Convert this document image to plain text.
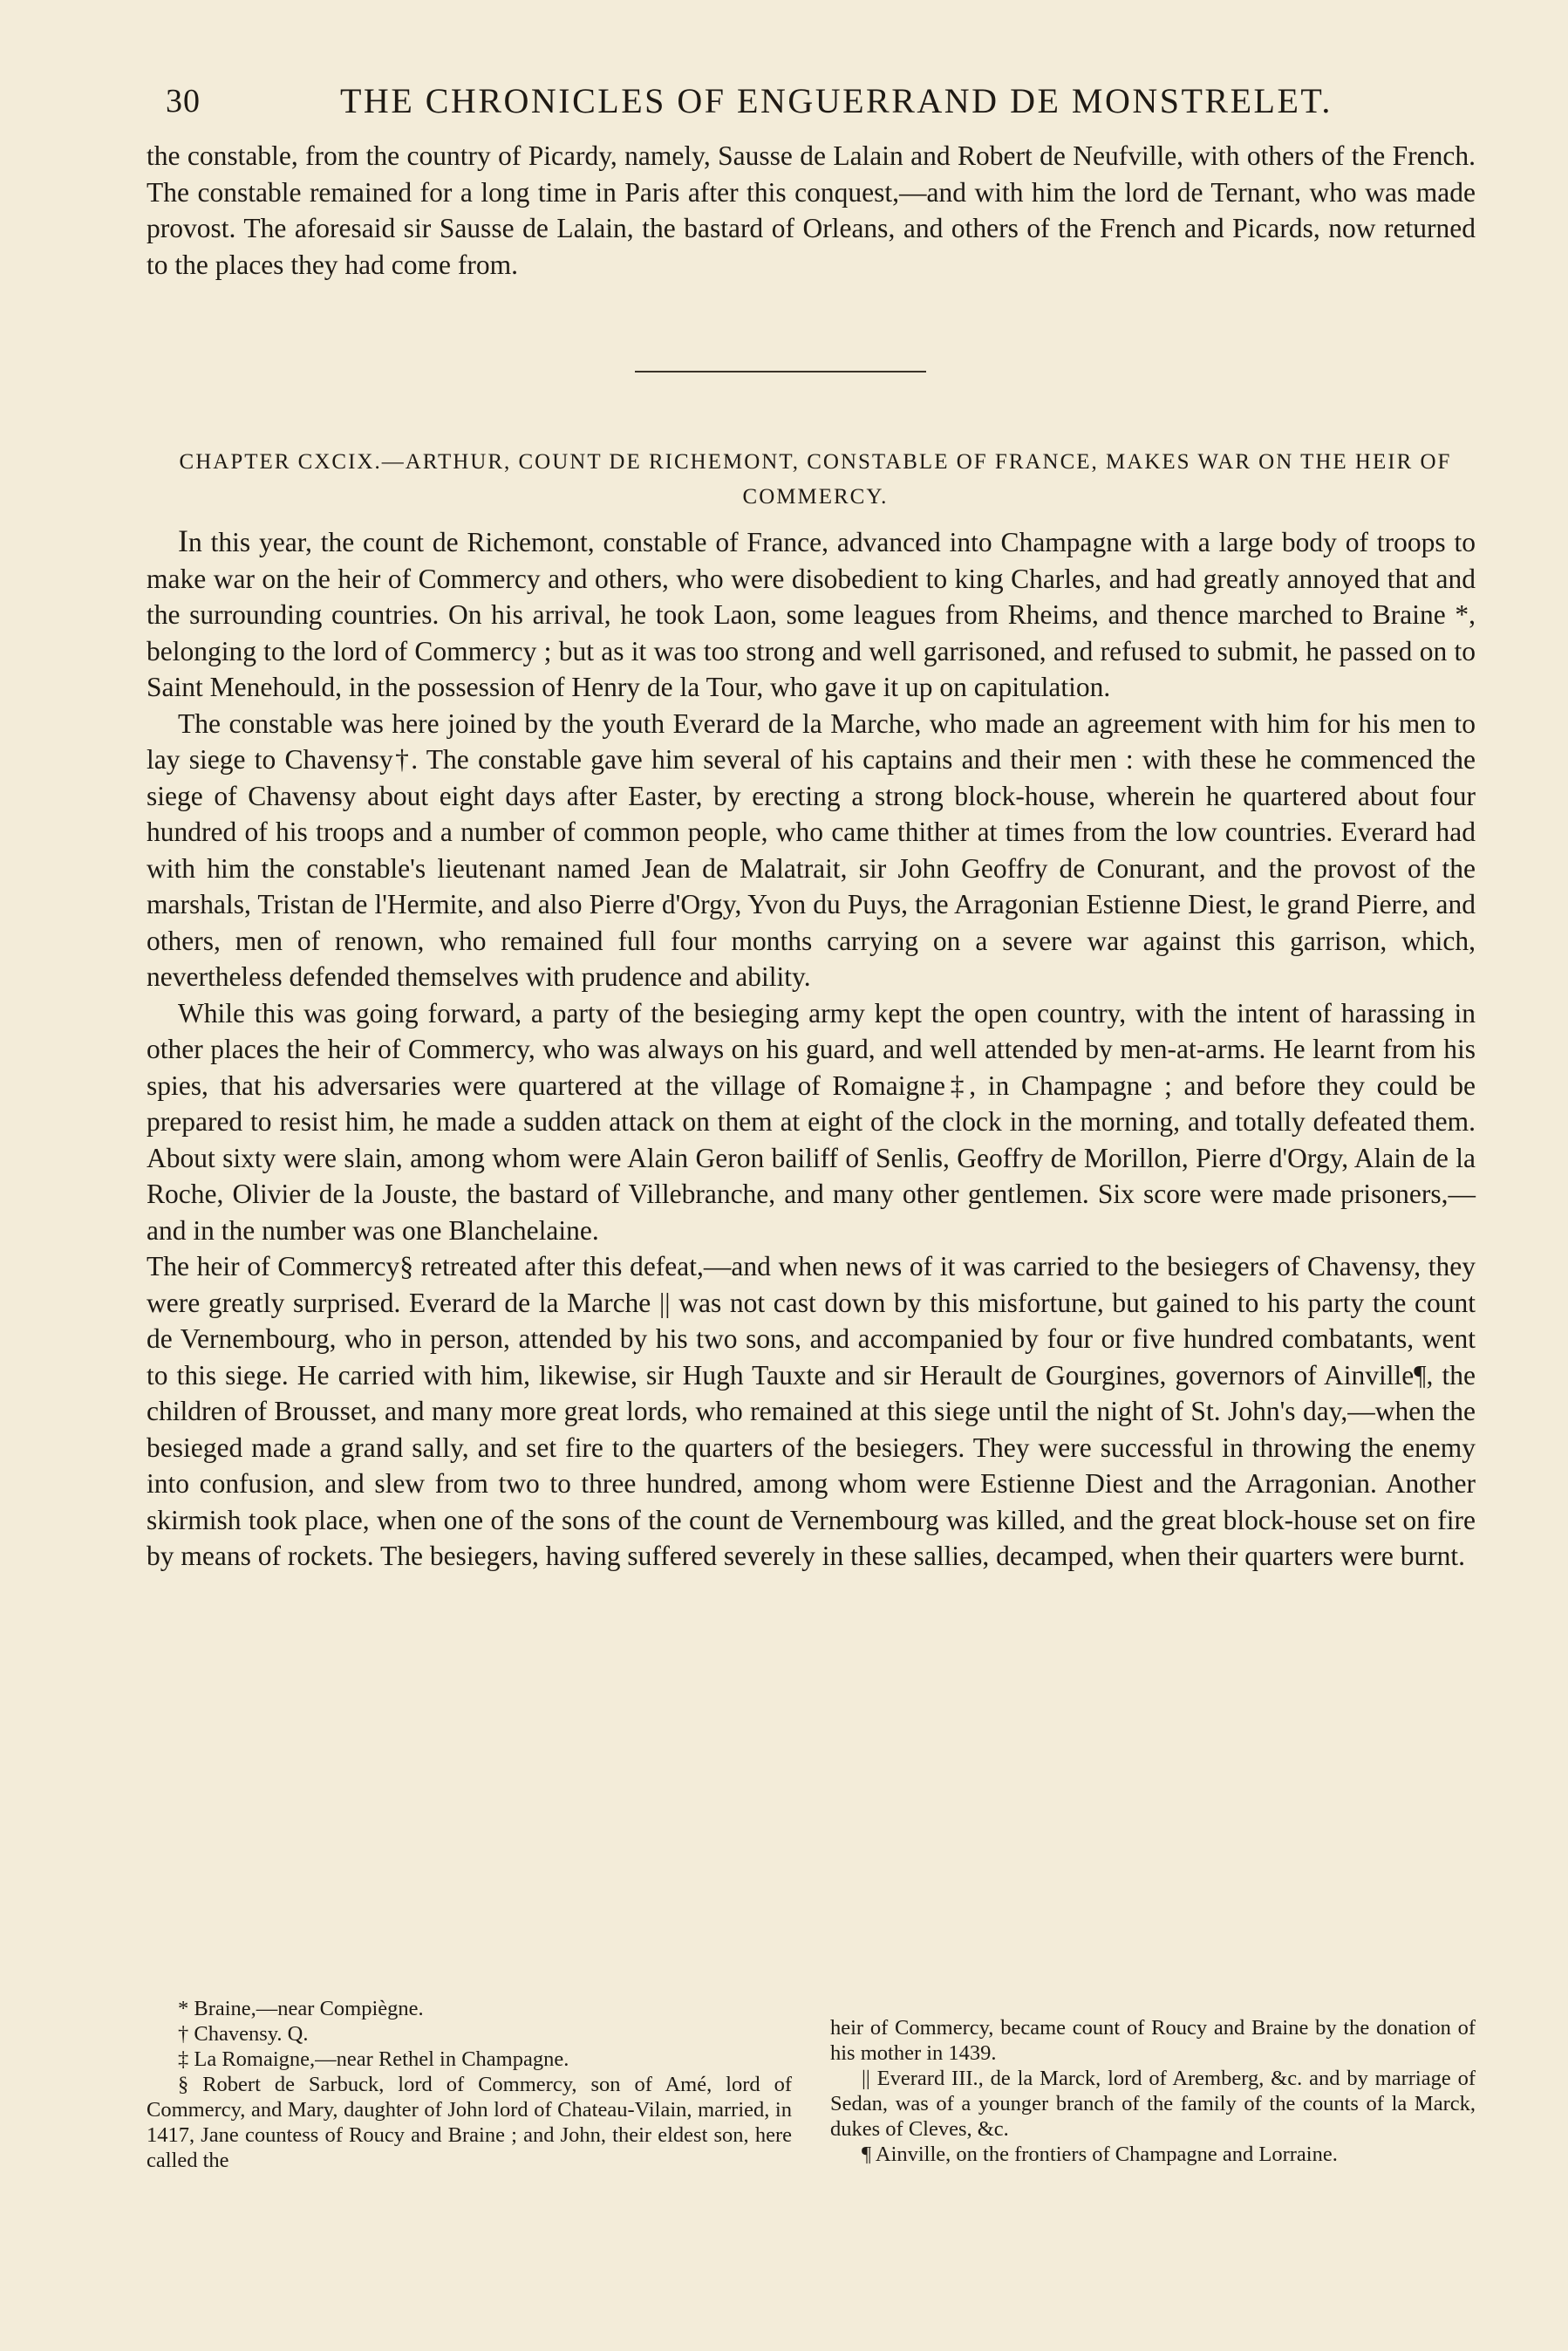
30	THE CHRONICLES OF ENGUERRAND DE MONSTRELET.

the constable, from the country of Picardy, namely, Sausse de Lalain and Robert de Neufville, with others of the French. The constable remained for a long time in Paris after this conquest,—and with him the lord de Ternant, who was made provost. The aforesaid sir Sausse de Lalain, the bastard of Orleans, and others of the French and Picards, now returned to the places they had come from.

CHAPTER CXCIX.—ARTHUR, COUNT DE RICHEMONT, CONSTABLE OF FRANCE, MAKES WAR ON THE HEIR OF COMMERCY.

In this year, the count de Richemont, constable of France, advanced into Champagne with a large body of troops to make war on the heir of Commercy and others, who were disobedient to king Charles, and had greatly annoyed that and the surrounding countries. On his arrival, he took Laon, some leagues from Rheims, and thence marched to Braine *, belonging to the lord of Commercy ; but as it was too strong and well garrisoned, and refused to submit, he passed on to Saint Menehould, in the possession of Henry de la Tour, who gave it up on capitulation.

The constable was here joined by the youth Everard de la Marche, who made an agreement with him for his men to lay siege to Chavensy†. The constable gave him several of his captains and their men : with these he commenced the siege of Chavensy about eight days after Easter, by erecting a strong block-house, wherein he quartered about four hundred of his troops and a number of common people, who came thither at times from the low countries. Everard had with him the constable's lieutenant named Jean de Malatrait, sir John Geoffry de Conurant, and the provost of the marshals, Tristan de l'Hermite, and also Pierre d'Orgy, Yvon du Puys, the Arragonian Estienne Diest, le grand Pierre, and others, men of renown, who remained full four months carrying on a severe war against this garrison, which, nevertheless defended themselves with prudence and ability.

While this was going forward, a party of the besieging army kept the open country, with the intent of harassing in other places the heir of Commercy, who was always on his guard, and well attended by men-at-arms. He learnt from his spies, that his adversaries were quartered at the village of Romaigne‡, in Champagne ; and before they could be prepared to resist him, he made a sudden attack on them at eight of the clock in the morning, and totally defeated them. About sixty were slain, among whom were Alain Geron bailiff of Senlis, Geoffry de Morillon, Pierre d'Orgy, Alain de la Roche, Olivier de la Jouste, the bastard of Villebranche, and many other gentlemen. Six score were made prisoners,—and in the number was one Blanchelaine.

The heir of Commercy§ retreated after this defeat,—and when news of it was carried to the besiegers of Chavensy, they were greatly surprised. Everard de la Marche || was not cast down by this misfortune, but gained to his party the count de Vernembourg, who in person, attended by his two sons, and accompanied by four or five hundred combatants, went to this siege. He carried with him, likewise, sir Hugh Tauxte and sir Herault de Gourgines, governors of Ainville¶, the children of Brousset, and many more great lords, who remained at this siege until the night of St. John's day,—when the besieged made a grand sally, and set fire to the quarters of the besiegers. They were successful in throwing the enemy into confusion, and slew from two to three hundred, among whom were Estienne Diest and the Arragonian. Another skirmish took place, when one of the sons of the count de Vernembourg was killed, and the great block-house set on fire by means of rockets. The besiegers, having suffered severely in these sallies, decamped, when their quarters were burnt.

* Braine,—near Compiègne.

† Chavensy. Q.

‡ La Romaigne,—near Rethel in Champagne.

§ Robert de Sarbuck, lord of Commercy, son of Amé, lord of Commercy, and Mary, daughter of John lord of Chateau-Vilain, married, in 1417, Jane countess of Roucy and Braine ; and John, their eldest son, here called the

heir of Commercy, became count of Roucy and Braine by the donation of his mother in 1439.

|| Everard III., de la Marck, lord of Aremberg, &c. and by marriage of Sedan, was of a younger branch of the family of the counts of la Marck, dukes of Cleves, &c.

¶ Ainville, on the frontiers of Champagne and Lorraine.
